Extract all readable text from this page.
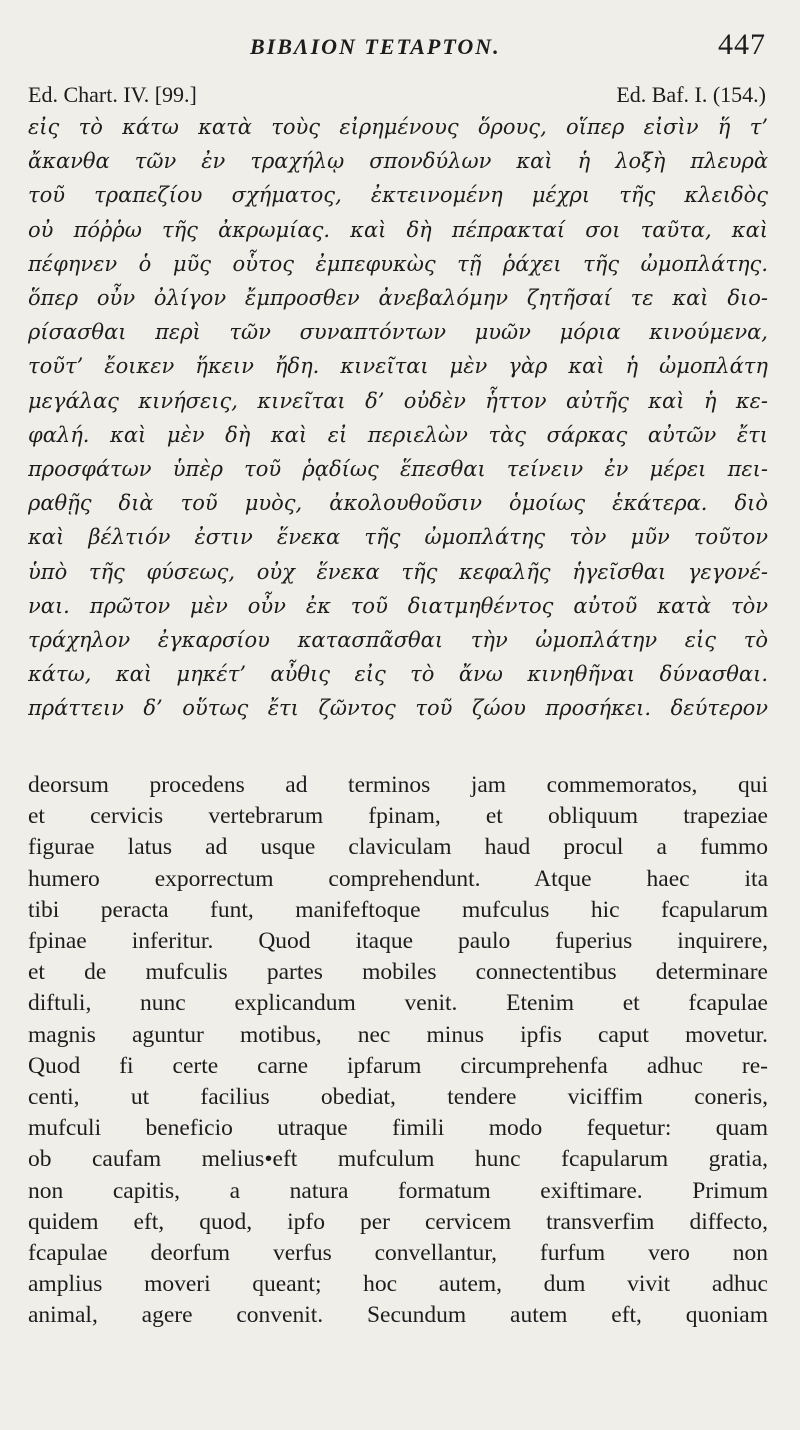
BIBΛΙΟΝ ΤΕΤΑΡΤΟΝ.	447
Ed. Chart. IV. [99.]	Ed. Baf. I. (154.)
εἰς τὸ κάτω κατὰ τοὺς εἰρημένους ὅρους, οἵπερ εἰσὶν ἥ τ’
ἄκανθα τῶν ἐν τραχήλῳ σπονδύλων καὶ ἡ λοξὴ πλευρὰ
τοῦ τραπεζίου σχήματος, ἐκτεινομένη μέχρι τῆς κλειδὸς
οὐ πόῤῥω τῆς ἀκρωμίας. καὶ δὴ πέπρακταί σοι ταῦτα, καὶ
πέφηνεν ὁ μῦς οὗτος ἐμπεφυκὼς τῇ ῥάχει τῆς ὠμοπλάτης.
ὅπερ οὖν ὀλίγον ἔμπροσθεν ἀνεβαλόμην ζητῆσαί τε καὶ διο-
ρίσασθαι περὶ τῶν συναπτόντων μυῶν μόρια κινούμενα,
τοῦτ’ ἔοικεν ἥκειν ἤδη. κινεῖται μὲν γὰρ καὶ ἡ ὠμοπλάτη
μεγάλας κινήσεις, κινεῖται δ’ οὐδὲν ἧττον αὐτῆς καὶ ἡ κε-
φαλή. καὶ μὲν δὴ καὶ εἰ περιελὼν τὰς σάρκας αὐτῶν ἔτι
προσφάτων ὑπὲρ τοῦ ῥᾳδίως ἕπεσθαι τείνειν ἐν μέρει πει-
ραθῇς διὰ τοῦ μυὸς, ἀκολουθοῦσιν ὁμοίως ἑκάτερα. διὸ
καὶ βέλτιόν ἐστιν ἕνεκα τῆς ὠμοπλάτης τὸν μῦν τοῦτον
ὑπὸ τῆς φύσεως, οὐχ ἕνεκα τῆς κεφαλῆς ἡγεῖσθαι γεγονέ-
ναι. πρῶτον μὲν οὖν ἐκ τοῦ διατμηθέντος αὐτοῦ κατὰ τὸν
τράχηλον ἐγκαρσίου κατασπᾶσθαι τὴν ὠμοπλάτην εἰς τὸ
κάτω, καὶ μηκέτ’ αὖθις εἰς τὸ ἄνω κινηθῆναι δύνασθαι.
πράττειν δ’ οὕτως ἔτι ζῶντος τοῦ ζώου προσήκει. δεύτερον
deorsum procedens ad terminos jam commemoratos, qui
et cervicis vertebrarum fpinam, et obliquum trapeziae
figurae latus ad usque claviculam haud procul a fummo
humero exporrectum comprehendunt. Atque haec ita
tibi peracta funt, manifeftoque mufculus hic fcapularum
fpinae inferitur. Quod itaque paulo fuperius inquirere,
et de mufculis partes mobiles connectentibus determinare
diftuli, nunc explicandum venit. Etenim et fcapulae
magnis aguntur motibus, nec minus ipfis caput movetur.
Quod fi certe carne ipfarum circumprehenfa adhuc re-
centi, ut facilius obediat, tendere viciffim coneris,
mufculi beneficio utraque fimili modo fequetur: quam
ob caufam melius•eft mufculum hunc fcapularum gratia,
non capitis, a natura formatum exiftimare. Primum
quidem eft, quod, ipfo per cervicem transverfim diffecto,
fcapulae deorfum verfus convellantur, furfum vero non
amplius moveri queant; hoc autem, dum vivit adhuc
animal, agere convenit. Secundum autem eft, quoniam
